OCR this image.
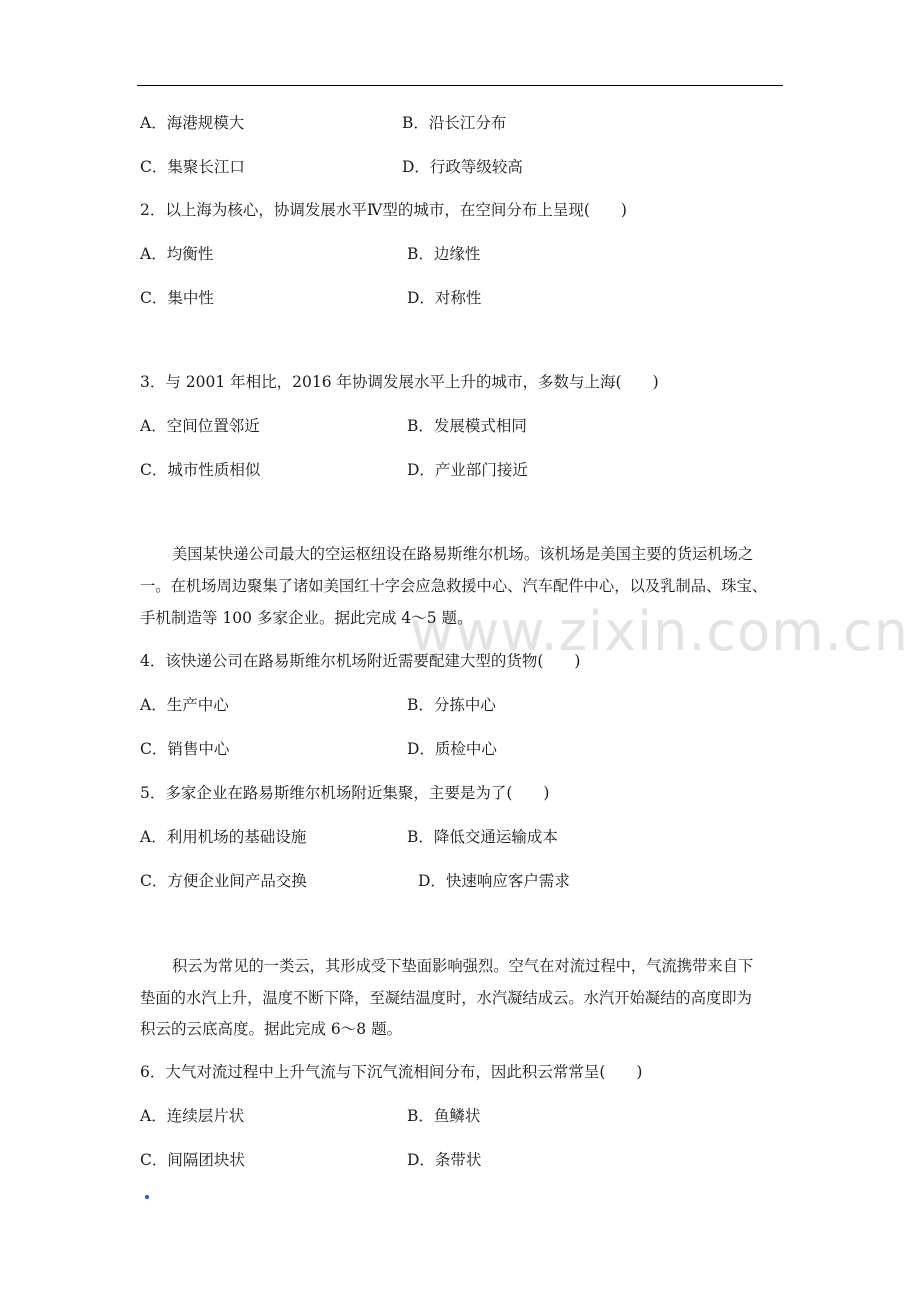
www.zixin.com.cn
A．海港规模大	B．沿长江分布
C．集聚长江口	D．行政等级较高
2．以上海为核心，协调发展水平Ⅳ型的城市，在空间分布上呈现(　　)
A．均衡性	B．边缘性
C．集中性	D．对称性
3．与 2001 年相比，2016 年协调发展水平上升的城市，多数与上海(　　)
A．空间位置邻近	B．发展模式相同
C．城市性质相似	D．产业部门接近
美国某快递公司最大的空运枢纽设在路易斯维尔机场。该机场是美国主要的货运机场之
一。在机场周边聚集了诸如美国红十字会应急救援中心、汽车配件中心，以及乳制品、珠宝、
手机制造等 100 多家企业。据此完成 4～5 题。
4．该快递公司在路易斯维尔机场附近需要配建大型的货物(　　)
A．生产中心	B．分拣中心
C．销售中心	D．质检中心
5．多家企业在路易斯维尔机场附近集聚，主要是为了(　　)
A．利用机场的基础设施	B．降低交通运输成本
C．方便企业间产品交换	D．快速响应客户需求
积云为常见的一类云，其形成受下垫面影响强烈。空气在对流过程中，气流携带来自下
垫面的水汽上升，温度不断下降，至凝结温度时，水汽凝结成云。水汽开始凝结的高度即为
积云的云底高度。据此完成 6～8 题。
6．大气对流过程中上升气流与下沉气流相间分布，因此积云常常呈(　　)
A．连续层片状	B．鱼鳞状
C．间隔团块状	D．条带状
